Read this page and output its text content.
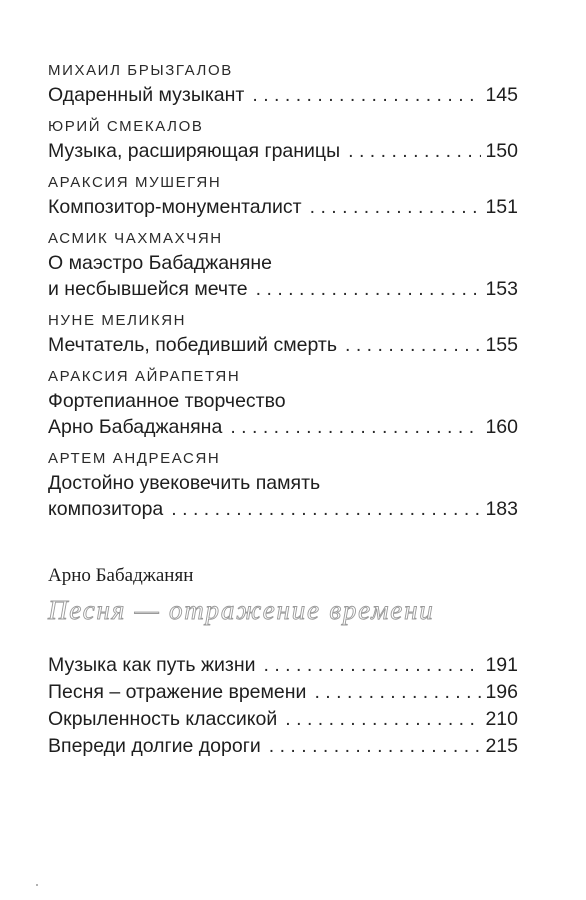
МИХАИЛ БРЫЗГАЛОВ
Одаренный музыкант . . .	145
ЮРИЙ СМЕКАЛОВ
Музыка, расширяющая границы . . .	150
АРАКСИЯ МУШЕГЯН
Композитор-монументалист . . .	151
АСМИК ЧАХМАХЧЯН
О маэстро Бабаджаняне
и несбывшейся мечте . . .	153
НУНЕ МЕЛИКЯН
Мечтатель, победивший смерть . . .	155
АРАКСИЯ АЙРАПЕТЯН
Фортепианное творчество
Арно Бабаджаняна . . .	160
АРТЕМ АНДРЕАСЯН
Достойно увековечить память
композитора . . .	183
Арно Бабаджанян
Песня — отражение времени
Музыка как путь жизни . . .	191
Песня – отражение времени . . .	196
Окрыленность классикой . . .	210
Впереди долгие дороги . . .	215
